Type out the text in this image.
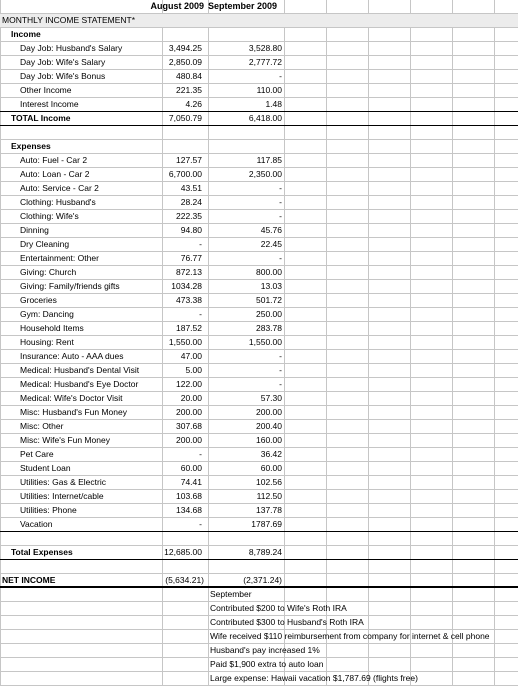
August 2009 September 2009
MONTHLY INCOME STATEMENT*
Income
Day Job: Husband's Salary	3,494.25	3,528.80
Day Job: Wife's Salary	2,850.09	2,777.72
Day Job: Wife's Bonus	480.84	-
Other Income	221.35	110.00
Interest Income	4.26	1.48
TOTAL Income	7,050.79	6,418.00
Expenses
Auto: Fuel - Car 2	127.57	117.85
Auto: Loan - Car 2	6,700.00	2,350.00
Auto: Service - Car 2	43.51	-
Clothing: Husband's	28.24	-
Clothing: Wife's	222.35	-
Dinning	94.80	45.76
Dry Cleaning	-	22.45
Entertainment: Other	76.77	-
Giving: Church	872.13	800.00
Giving: Family/friends gifts	1034.28	13.03
Groceries	473.38	501.72
Gym: Dancing	-	250.00
Household Items	187.52	283.78
Housing: Rent	1,550.00	1,550.00
Insurance: Auto - AAA dues	47.00	-
Medical: Husband's Dental Visit	5.00	-
Medical: Husband's Eye Doctor	122.00	-
Medical: Wife's Doctor Visit	20.00	57.30
Misc: Husband's Fun Money	200.00	200.00
Misc: Other	307.68	200.40
Misc: Wife's Fun Money	200.00	160.00
Pet Care	-	36.42
Student Loan	60.00	60.00
Utilities: Gas & Electric	74.41	102.56
Utilities: Internet/cable	103.68	112.50
Utilities: Phone	134.68	137.78
Vacation	-	1787.69
Total Expenses	12,685.00	8,789.24
NET INCOME	(5,634.21)	(2,371.24)
September
Contributed $200 to Wife's Roth IRA
Contributed $300 to Husband's Roth IRA
Wife received $110 reimbursement from company for internet & cell phone
Husband's pay increased 1%
Paid $1,900 extra to auto loan
Large expense: Hawaii vacation $1,787.69 (flights free)
